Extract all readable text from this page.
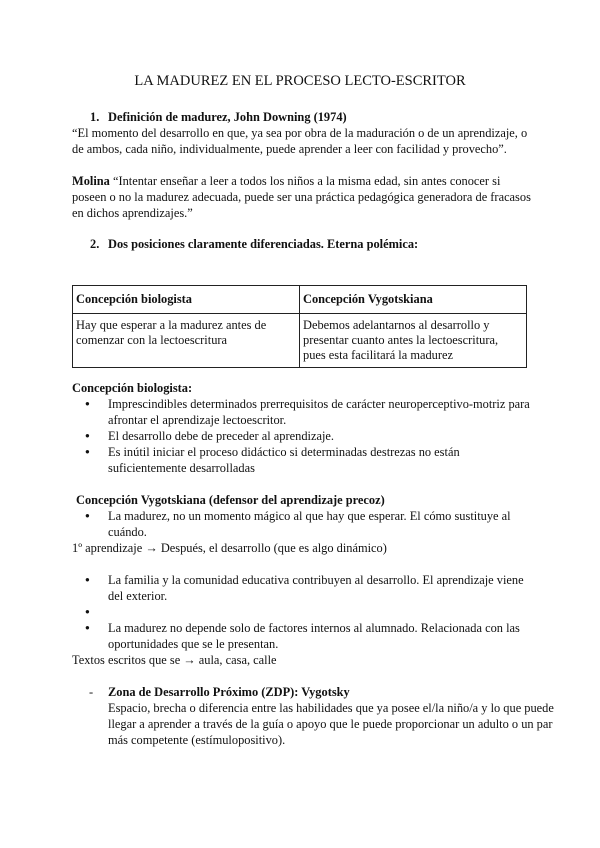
LA MADUREZ EN EL PROCESO LECTO-ESCRITOR

1. Definición de madurez, John Downing (1974)

“El momento del desarrollo en que, ya sea por obra de la maduración o de un aprendizaje, o de ambos, cada niño, individualmente, puede aprender a leer con facilidad y provecho”.

Molina “Intentar enseñar a leer a todos los niños a la misma edad, sin antes conocer si poseen o no la madurez adecuada, puede ser una práctica pedagógica generadora de fracasos en dichos aprendizajes.”

2. Dos posiciones claramente diferenciadas. Eterna polémica:

Concepción biologista	Concepción Vygotskiana
Hay que esperar a la madurez antes de comenzar con la lectoescritura	Debemos adelantarnos al desarrollo y presentar cuanto antes la lectoescritura, pues esta facilitará la madurez

Concepción biologista:

● Imprescindibles determinados prerrequisitos de carácter neuroperceptivo-motriz para afrontar el aprendizaje lectoescritor.
● El desarrollo debe de preceder al aprendizaje.
● Es inútil iniciar el proceso didáctico si determinadas destrezas no están suficientemente desarrolladas

Concepción Vygotskiana (defensor del aprendizaje precoz)

● La madurez, no un momento mágico al que hay que esperar. El cómo sustituye al cuándo.

1º aprendizaje → Después, el desarrollo (que es algo dinámico)

● La familia y la comunidad educativa contribuyen al desarrollo. El aprendizaje viene del exterior.
●
● La madurez no depende solo de factores internos al alumnado. Relacionada con las oportunidades que se le presentan.

Textos escritos que se → aula, casa, calle

- Zona de Desarrollo Próximo (ZDP): Vygotsky

Espacio, brecha o diferencia entre las habilidades que ya posee el/la niño/a y lo que puede llegar a aprender a través de la guía o apoyo que le puede proporcionar un adulto o un par más competente (estímulopositivo).
